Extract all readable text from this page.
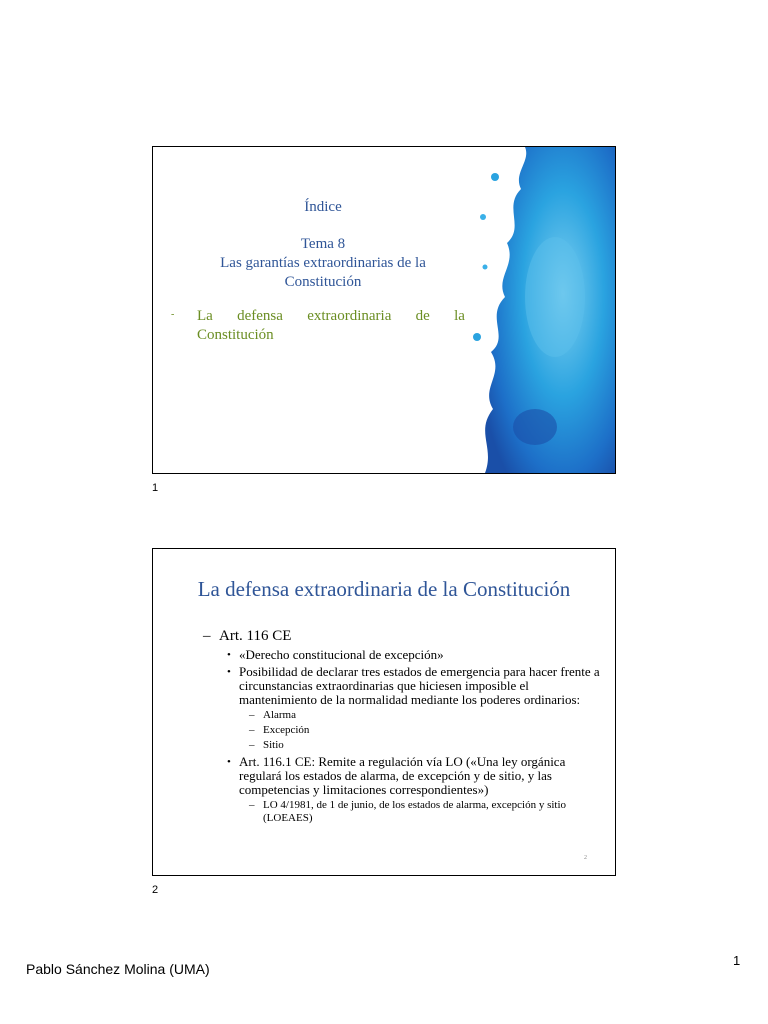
Índice
Tema 8
Las garantías extraordinarias de la
Constitución
- La defensa extraordinaria de la
Constitución
1
La defensa extraordinaria de la Constitución
– Art. 116 CE
• «Derecho constitucional de excepción»
• Posibilidad de declarar tres estados de emergencia para hacer frente a circunstancias extraordinarias que hiciesen imposible el mantenimiento de la normalidad mediante los poderes ordinarios:
– Alarma
– Excepción
– Sitio
• Art. 116.1 CE: Remite a regulación vía LO («Una ley orgánica regulará los estados de alarma, de excepción y de sitio, y las competencias y limitaciones correspondientes»)
– LO 4/1981, de 1 de junio, de los estados de alarma, excepción y sitio (LOEAES)
2
2
Pablo Sánchez Molina (UMA)
1
